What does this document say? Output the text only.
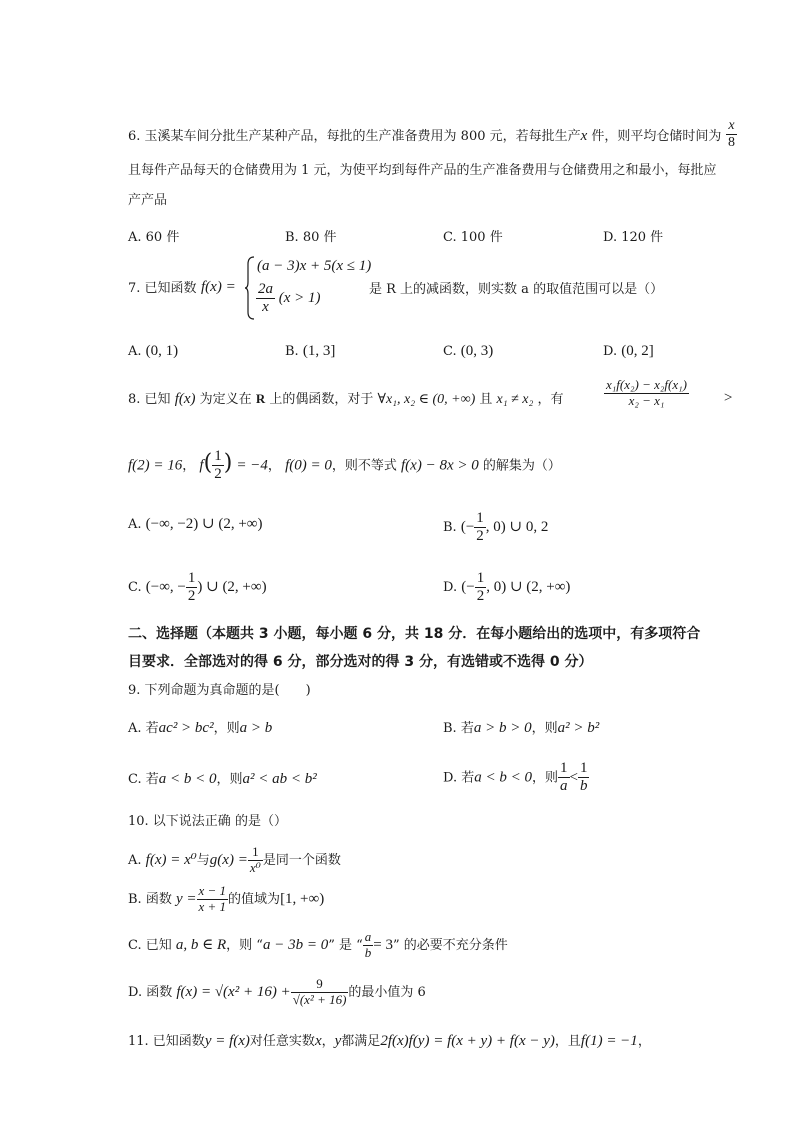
6. 玉溪某车间分批生产某种产品，每批的生产准备费用为 800 元，若每批生产x 件，则平均仓储时间为 $\frac{x}{8}$
且每件产品每天的仓储费用为 1 元，为使平均到每件产品的生产准备费用与仓储费用之和最小，每批应
产产品
A. 60 件	B. 80 件	C. 100 件	D. 120 件
7. 已知函数 f(x) =
(a − 3)x + 5(x ≤ 1)
$\frac{2a}{x} (x > 1)$
是 R 上的减函数，则实数 a 的取值范围可以是（）
A. (0, 1)	B. (1, 3]	C. (0, 3)	D. (0, 2]
8. 已知 f(x) 为定义在 R 上的偶函数，对于 ∀x₁, x₂ ∈ (0, +∞) 且 x₁ ≠ x₂ ，有	$\frac{\text{x₁f(x₂) − x₂f(x₁)}}{\text{x₂ − x₁}}$ >
f(2) = 16， $f( \frac{1}{2}$ ) = −4， f(0) = 0，则不等式 f(x) − 8x > 0 的解集为（）
A. (−∞, −2) ∪ (2, +∞)	B. (− $\frac{1}{2}$ , 0) ∪ 0, 2
C. (−∞, − $\frac{1}{2}$ ) ∪ (2, +∞)	D. (− $\frac{1}{2}$ , 0) ∪ (2, +∞)
二、选择题（本题共 3 小题，每小题 6 分，共 18 分．在每小题给出的选项中，有多项符合
目要求．全部选对的得 6 分，部分选对的得 3 分，有选错或不选得 0 分）
9. 下列命题为真命题的是(　　)
A. 若ac² > bc²，则a > b	B. 若a > b > 0，则a² > b²
C. 若a < b < 0，则a² < ab < b²	D. 若a < b < 0，则 $\frac{1}{a} < \frac{1}{b}$
10. 以下说法正确 的是（）
A. f(x) = x⁰与$g(x) = \frac{1}{\text{x⁰}}$ 是同一个函数
B. 函数 $y = \frac{x - 1}{x + 1}$ 的值域为[1, +∞)
C. 已知 a, b ∈ R，则 “a − 3b = 0” 是 “ $\frac{a}{b} = 3$” 的必要不充分条件
D. 函数 $f(x) = √(x^2 + 16) + \frac{9}{\text{√(x² + 16)}}$ 的最小值为 6
11. 已知函数y = f(x)对任意实数x，y都满足2f(x)f(y) = f(x + y) + f(x − y)，且f(1) = −1，
